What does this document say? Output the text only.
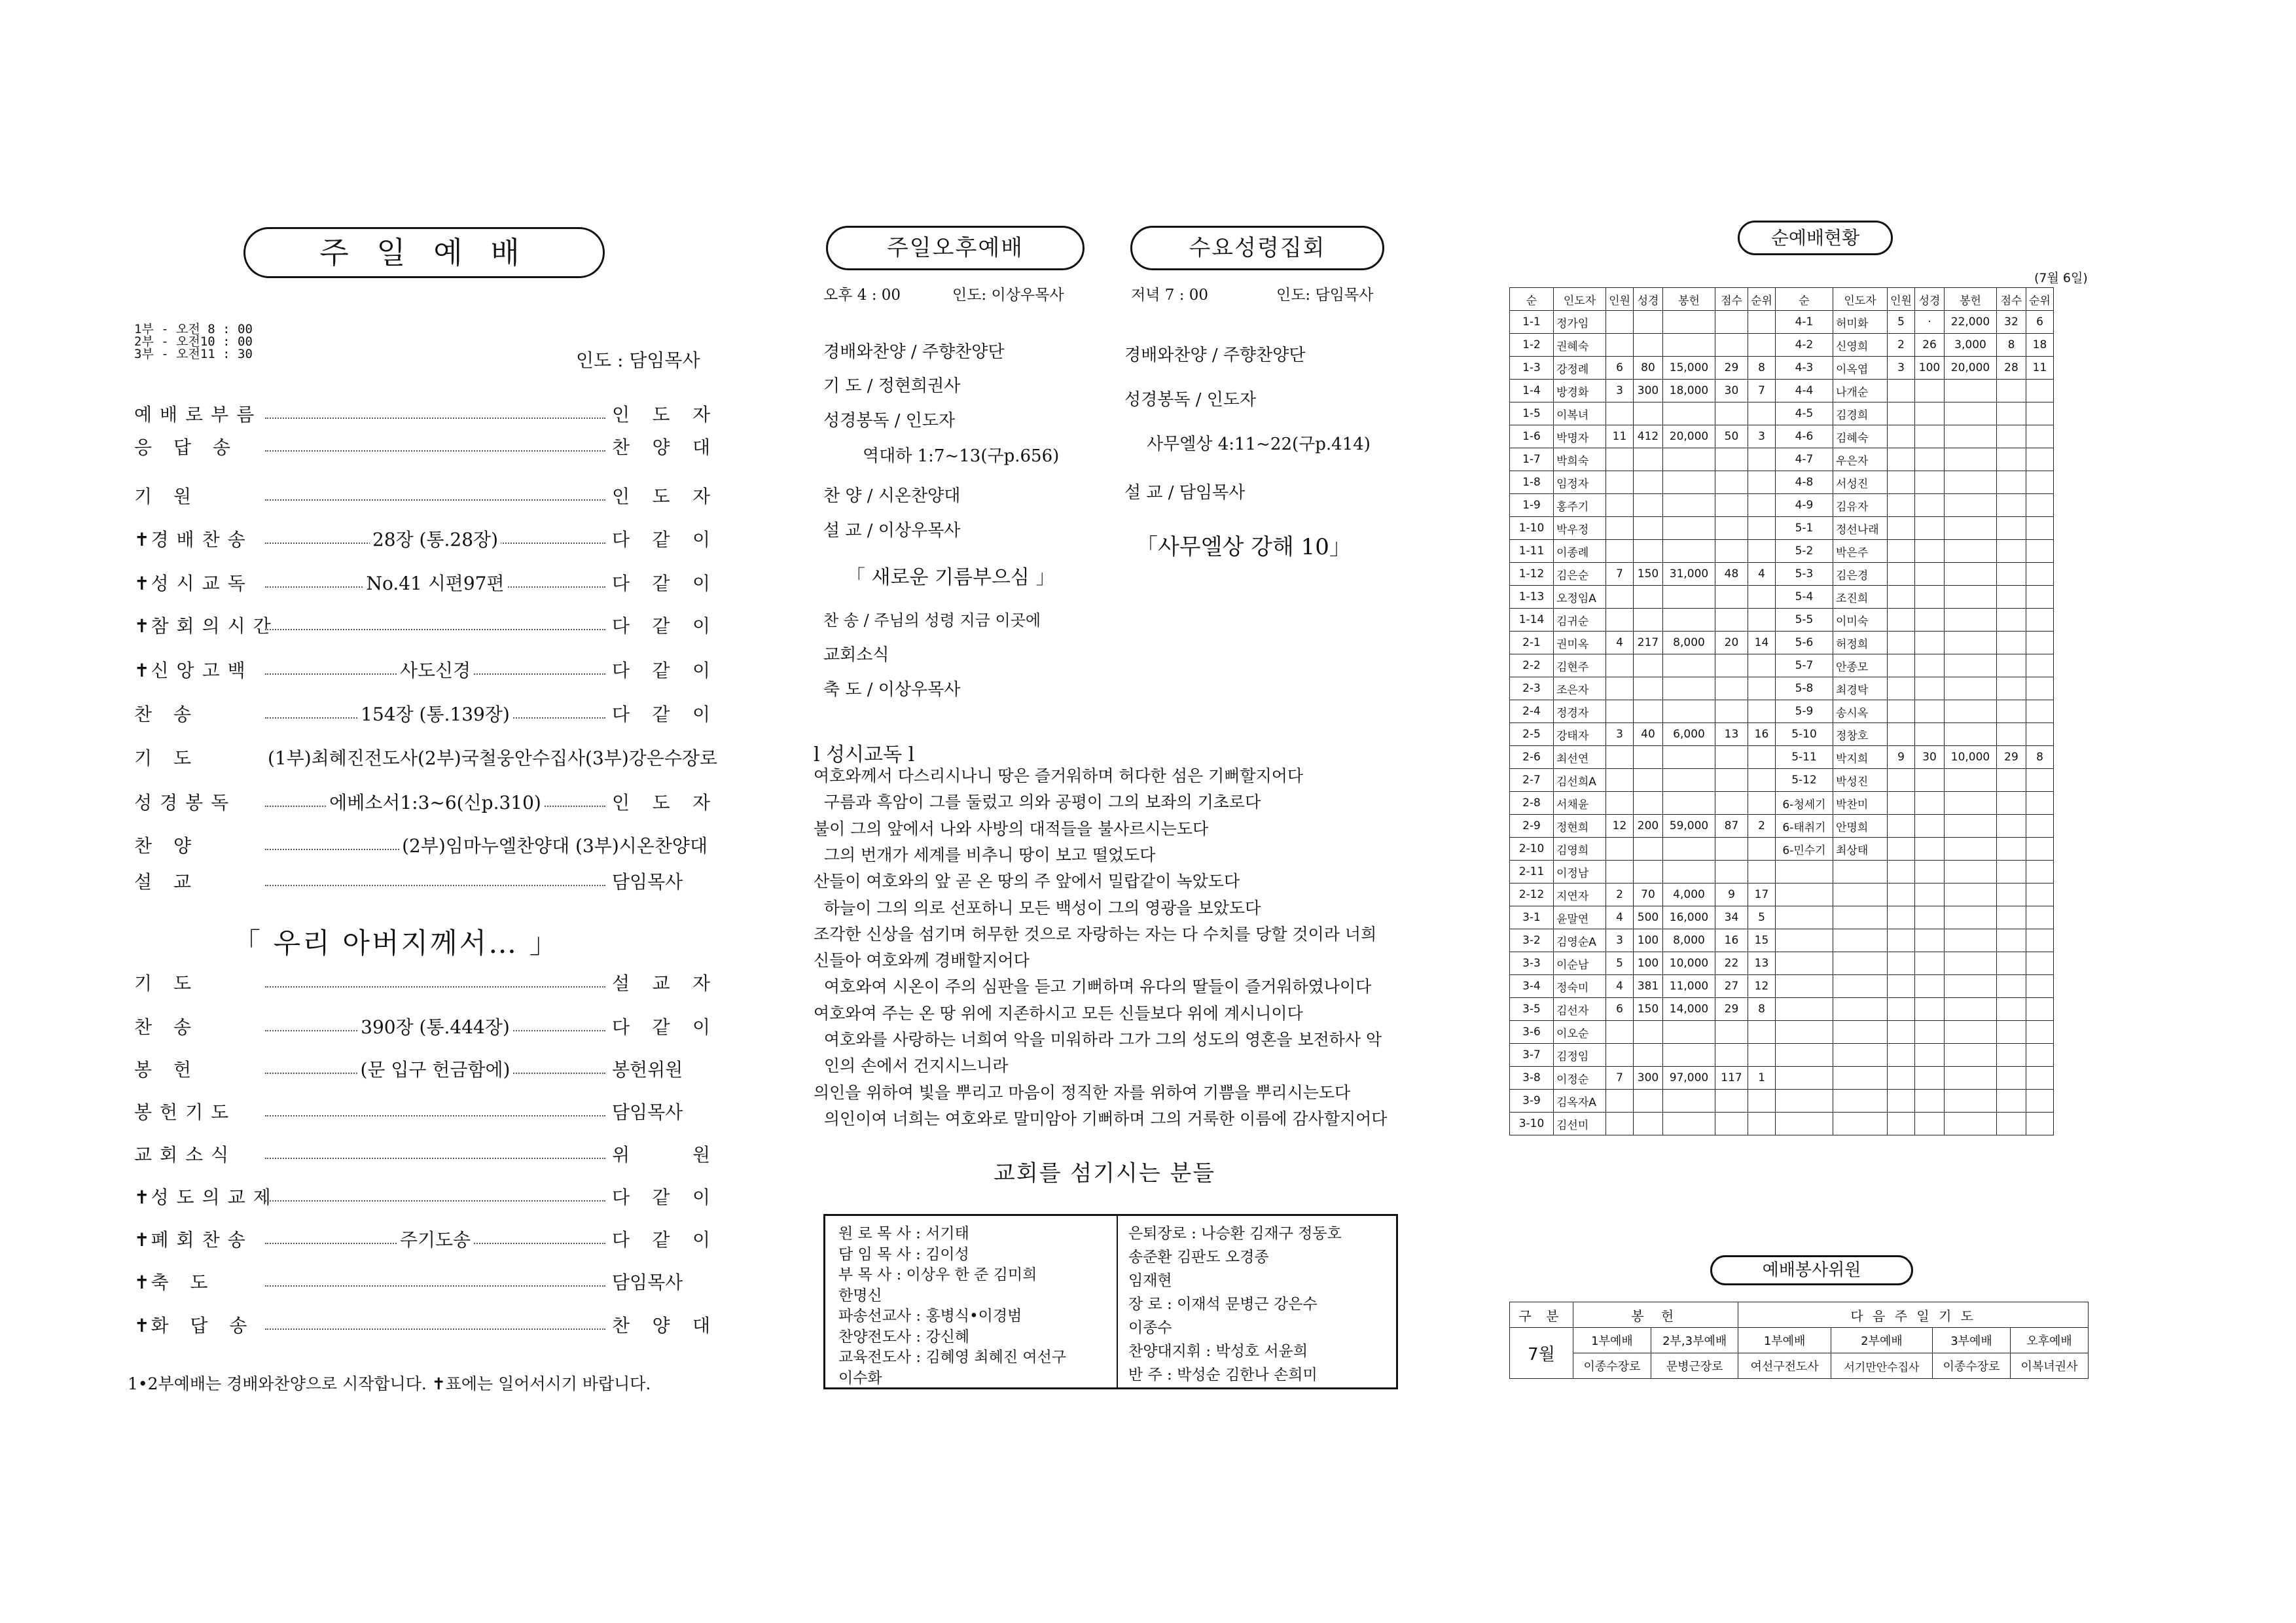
주 일 예 배
1부 - 오전 8 : 00
2부 - 오전10 : 00
3부 - 오전11 : 30	인도 : 담임목사
예배로부름	인 도 자
응 답 송	찬 양 대
기 원	인 도 자
✝경배찬송	28장 (통.28장)	다 같 이
✝성시교독	No.41 시편97편	다 같 이
✝참회의시간	다 같 이
✝신앙고백	사도신경	다 같 이
찬 송	154장 (통.139장)	다 같 이
기 도	(1부)최혜진전도사(2부)국철웅안수집사(3부)강은수장로
성경봉독	에베소서1:3~6(신p.310)	인 도 자
찬 양	(2부)임마누엘찬양대 (3부)시온찬양대
설 교	담임목사
「 우리 아버지께서… 」
기 도	설 교 자
찬 송	390장 (통.444장)	다 같 이
봉 헌	(문 입구 헌금함에)	봉헌위원
봉헌기도	담임목사
교회소식	위 원
✝성도의교제	다 같 이
✝폐회찬송	주기도송	다 같 이
✝축 도	담임목사
✝화 답 송	찬 양 대
1•2부예배는 경배와찬양으로 시작합니다. ✝표에는 일어서시기 바랍니다.
주일오후예배	수요성령집회
오후 4 : 00	인도: 이상우목사	저녁 7 : 00	인도: 담임목사
경배와찬양 / 주향찬양단
기 도 / 정현희권사
성경봉독 / 인도자
역대하 1:7~13(구p.656)
찬 양 / 시온찬양대
설 교 / 이상우목사
「 새로운 기름부으심 」
찬 송 / 주님의 성령 지금 이곳에
교회소식
축 도 / 이상우목사
경배와찬양 / 주향찬양단
성경봉독 / 인도자
사무엘상 4:11~22(구p.414)
설 교 / 담임목사
「사무엘상 강해 10」
l 성시교독 l
여호와께서 다스리시나니 땅은 즐거워하며 허다한 섬은 기뻐할지어다
구름과 흑암이 그를 둘렀고 의와 공평이 그의 보좌의 기초로다
불이 그의 앞에서 나와 사방의 대적들을 불사르시는도다
그의 번개가 세계를 비추니 땅이 보고 떨었도다
산들이 여호와의 앞 곧 온 땅의 주 앞에서 밀랍같이 녹았도다
하늘이 그의 의로 선포하니 모든 백성이 그의 영광을 보았도다
조각한 신상을 섬기며 허무한 것으로 자랑하는 자는 다 수치를 당할 것이라 너희
신들아 여호와께 경배할지어다
여호와여 시온이 주의 심판을 듣고 기뻐하며 유다의 딸들이 즐거워하였나이다
여호와여 주는 온 땅 위에 지존하시고 모든 신들보다 위에 계시니이다
여호와를 사랑하는 너희여 악을 미워하라 그가 그의 성도의 영혼을 보전하사 악
인의 손에서 건지시느니라
의인을 위하여 빛을 뿌리고 마음이 정직한 자를 위하여 기쁨을 뿌리시는도다
의인이여 너희는 여호와로 말미암아 기뻐하며 그의 거룩한 이름에 감사할지어다
교회를 섬기시는 분들
원 로 목 사 : 서기태
담 임 목 사 : 김이성
부 목 사 : 이상우 한 준 김미희
한명신
파송선교사 : 홍병식•이경범
찬양전도사 : 강신혜
교육전도사 : 김혜영 최혜진 여선구
이수화
은퇴장로 : 나승환 김재구 정동호
송준환 김판도 오경종
임재현
장 로 : 이재석 문병근 강은수
이종수
찬양대지휘 : 박성호 서윤희
반 주 : 박성순 김한나 손희미
순예배현황
(7월 6일)
순	인도자	인원	성경	봉헌	점수	순위	순	인도자	인원	성경	봉헌	점수	순위
1-1	정가임						4-1	허미화	5	·	22,000	32	6
1-2	권혜숙						4-2	신영희	2	26	3,000	8	18
1-3	강정례	6	80	15,000	29	8	4-3	이옥엽	3	100	20,000	28	11
1-4	방경화	3	300	18,000	30	7	4-4	나개순					
1-5	이복녀						4-5	김경희					
1-6	박명자	11	412	20,000	50	3	4-6	김혜숙					
1-7	박희숙						4-7	우은자					
1-8	임정자						4-8	서성진					
1-9	홍주기						4-9	김유자					
1-10	박우정						5-1	정선나래					
1-11	이종례						5-2	박은주					
1-12	김은순	7	150	31,000	48	4	5-3	김은경					
1-13	오정임A						5-4	조진희					
1-14	김귀순						5-5	이미숙					
2-1	권미옥	4	217	8,000	20	14	5-6	허정희					
2-2	김현주						5-7	안종모					
2-3	조은자						5-8	최경탁					
2-4	정경자						5-9	송시옥					
2-5	강태자	3	40	6,000	13	16	5-10	정창호					
2-6	최선연						5-11	박지희	9	30	10,000	29	8
2-7	김선희A						5-12	박성진					
2-8	서채윤						6-청세기	박찬미					
2-9	정현희	12	200	59,000	87	2	6-태취기	안명희					
2-10	김영희						6-민수기	최상태					
2-11	이정남												
2-12	지연자	2	70	4,000	9	17							
3-1	윤말연	4	500	16,000	34	5							
3-2	김영순A	3	100	8,000	16	15							
3-3	이순남	5	100	10,000	22	13							
3-4	정숙미	4	381	11,000	27	12							
3-5	김선자	6	150	14,000	29	8							
3-6	이오순												
3-7	김정임												
3-8	이정순	7	300	97,000	117	1							
3-9	김옥자A												
3-10	김선미												
예배봉사위원
구 분	봉 헌		다 음 주 일 기 도			
7월	1부예배	2부,3부예배	1부예배	2부예배	3부예배	오후예배
	이종수장로	문병근장로	여선구전도사	서기만안수집사	이종수장로	이복녀권사
